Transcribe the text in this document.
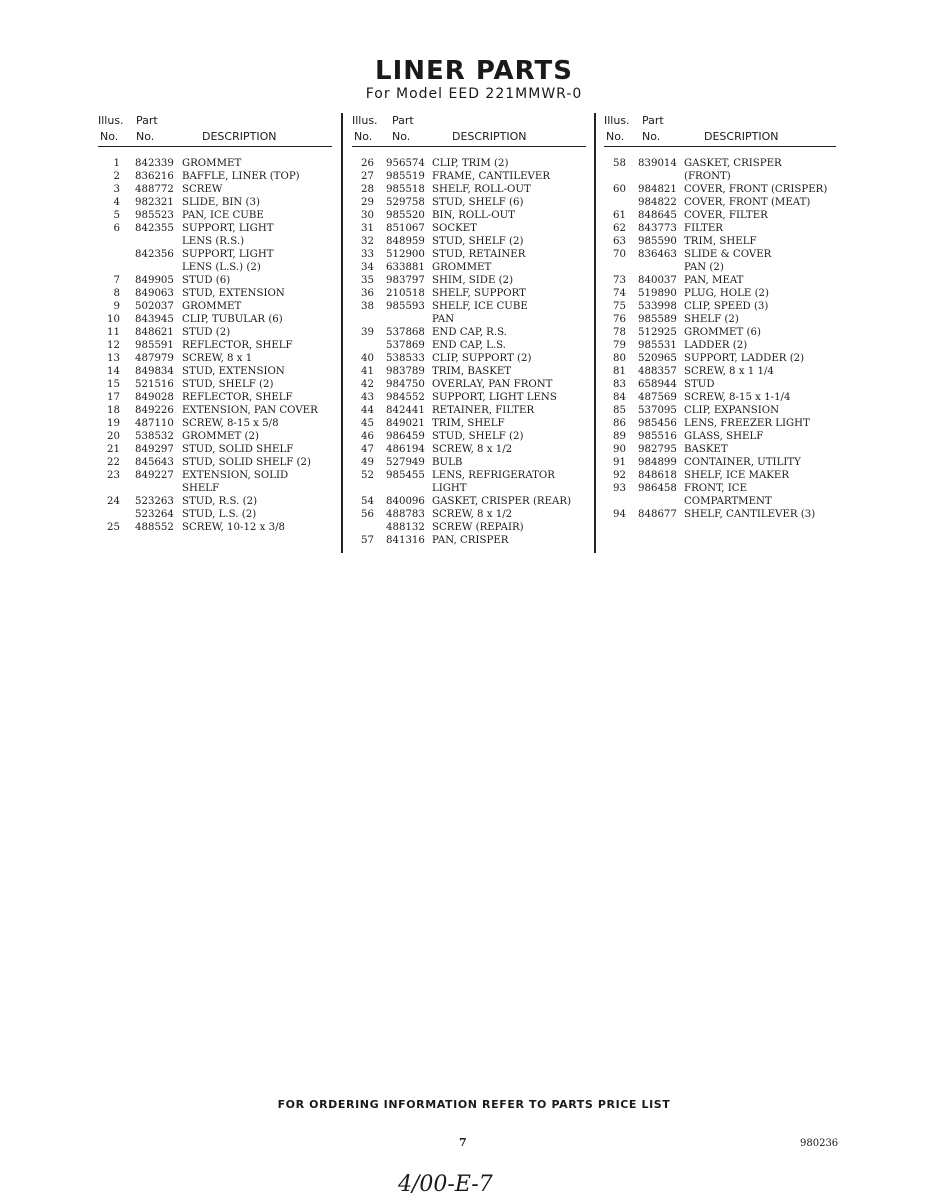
LINER PARTS
For Model EED 221MMWR-0
Illus. Part
No. No.	DESCRIPTION
1 842339 GROMMET
2 836216 BAFFLE, LINER (TOP)
3 488772 SCREW
4 982321 SLIDE, BIN (3)
5 985523 PAN, ICE CUBE
6 842355 SUPPORT, LIGHT
LENS (R.S.)
842356 SUPPORT, LIGHT
LENS (L.S.) (2)
7 849905 STUD (6)
8 849063 STUD, EXTENSION
9 502037 GROMMET
10 843945 CLIP, TUBULAR (6)
11 848621 STUD (2)
12 985591 REFLECTOR, SHELF
13 487979 SCREW, 8 x 1
14 849834 STUD, EXTENSION
15 521516 STUD, SHELF (2)
17 849028 REFLECTOR, SHELF
18 849226 EXTENSION, PAN COVER
19 487110 SCREW, 8-15 x 5/8
20 538532 GROMMET (2)
21 849297 STUD, SOLID SHELF
22 845643 STUD, SOLID SHELF (2)
23 849227 EXTENSION, SOLID
SHELF
24 523263 STUD, R.S. (2)
523264 STUD, L.S. (2)
25 488552 SCREW, 10-12 x 3/8
Illus. Part
No. No.	DESCRIPTION
26 956574 CLIP, TRIM (2)
27 985519 FRAME, CANTILEVER
28 985518 SHELF, ROLL-OUT
29 529758 STUD, SHELF (6)
30 985520 BIN, ROLL-OUT
31 851067 SOCKET
32 848959 STUD, SHELF (2)
33 512900 STUD, RETAINER
34 633881 GROMMET
35 983797 SHIM, SIDE (2)
36 210518 SHELF, SUPPORT
38 985593 SHELF, ICE CUBE
PAN
39 537868 END CAP, R.S.
537869 END CAP, L.S.
40 538533 CLIP, SUPPORT (2)
41 983789 TRIM, BASKET
42 984750 OVERLAY, PAN FRONT
43 984552 SUPPORT, LIGHT LENS
44 842441 RETAINER, FILTER
45 849021 TRIM, SHELF
46 986459 STUD, SHELF (2)
47 486194 SCREW, 8 x 1/2
49 527949 BULB
52 985455 LENS, REFRIGERATOR
LIGHT
54 840096 GASKET, CRISPER (REAR)
56 488783 SCREW, 8 x 1/2
488132 SCREW (REPAIR)
57 841316 PAN, CRISPER
Illus. Part
No. No.	DESCRIPTION
58 839014 GASKET, CRISPER
(FRONT)
60 984821 COVER, FRONT (CRISPER)
984822 COVER, FRONT (MEAT)
61 848645 COVER, FILTER
62 843773 FILTER
63 985590 TRIM, SHELF
70 836463 SLIDE & COVER
PAN (2)
73 840037 PAN, MEAT
74 519890 PLUG, HOLE (2)
75 533998 CLIP, SPEED (3)
76 985589 SHELF (2)
78 512925 GROMMET (6)
79 985531 LADDER (2)
80 520965 SUPPORT, LADDER (2)
81 488357 SCREW, 8 x 1 1/4
83 658944 STUD
84 487569 SCREW, 8-15 x 1-1/4
85 537095 CLIP, EXPANSION
86 985456 LENS, FREEZER LIGHT
89 985516 GLASS, SHELF
90 982795 BASKET
91 984899 CONTAINER, UTILITY
92 848618 SHELF, ICE MAKER
93 986458 FRONT, ICE
COMPARTMENT
94 848677 SHELF, CANTILEVER (3)
FOR ORDERING INFORMATION REFER TO PARTS PRICE LIST
7	980236
4/00-E-7
